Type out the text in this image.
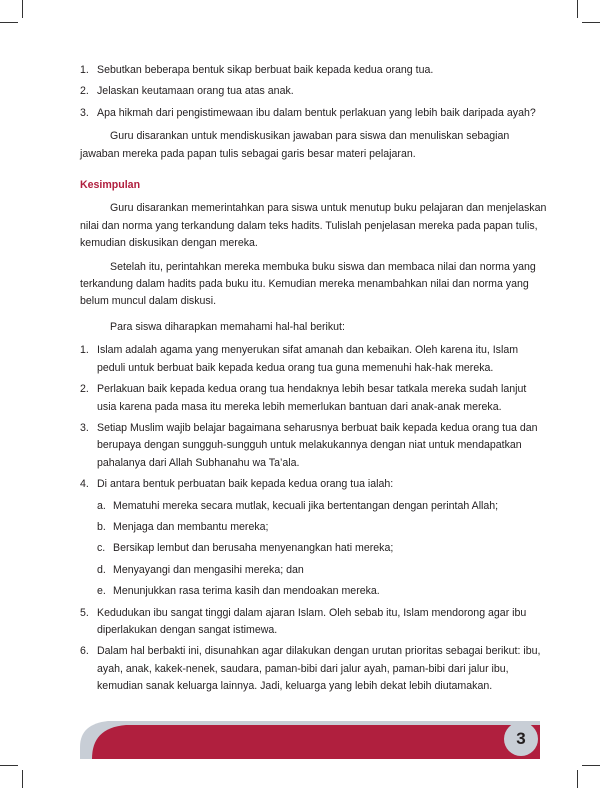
1. Sebutkan beberapa bentuk sikap berbuat baik kepada kedua orang tua.
2. Jelaskan keutamaan orang tua atas anak.
3. Apa hikmah dari pengistimewaan ibu dalam bentuk perlakuan yang lebih baik daripada ayah?

Guru disarankan untuk mendiskusikan jawaban para siswa dan menuliskan sebagian jawaban mereka pada papan tulis sebagai garis besar materi pelajaran.

Kesimpulan

Guru disarankan memerintahkan para siswa untuk menutup buku pelajaran dan menjelaskan nilai dan norma yang terkandung dalam teks hadits. Tulislah penjelasan mereka pada papan tulis, kemudian diskusikan dengan mereka.

Setelah itu, perintahkan mereka membuka buku siswa dan membaca nilai dan norma yang terkandung dalam hadits pada buku itu. Kemudian mereka menambahkan nilai dan norma yang belum muncul dalam diskusi.

Para siswa diharapkan memahami hal-hal berikut:

1. Islam adalah agama yang menyerukan sifat amanah dan kebaikan. Oleh karena itu, Islam peduli untuk berbuat baik kepada kedua orang tua guna memenuhi hak-hak mereka.
2. Perlakuan baik kepada kedua orang tua hendaknya lebih besar tatkala mereka sudah lanjut usia karena pada masa itu mereka lebih memerlukan bantuan dari anak-anak mereka.
3. Setiap Muslim wajib belajar bagaimana seharusnya berbuat baik kepada kedua orang tua dan berupaya dengan sungguh-sungguh untuk melakukannya dengan niat untuk mendapatkan pahalanya dari Allah Subhanahu wa Ta’ala.
4. Di antara bentuk perbuatan baik kepada kedua orang tua ialah:
a. Mematuhi mereka secara mutlak, kecuali jika bertentangan dengan perintah Allah;
b. Menjaga dan membantu mereka;
c. Bersikap lembut dan berusaha menyenangkan hati mereka;
d. Menyayangi dan mengasihi mereka; dan
e. Menunjukkan rasa terima kasih dan mendoakan mereka.
5. Kedudukan ibu sangat tinggi dalam ajaran Islam. Oleh sebab itu, Islam mendorong agar ibu diperlakukan dengan sangat istimewa.
6. Dalam hal berbakti ini, disunahkan agar dilakukan dengan urutan prioritas sebagai berikut: ibu, ayah, anak, kakek-nenek, saudara, paman-bibi dari jalur ayah, paman-bibi dari jalur ibu, kemudian sanak keluarga lainnya. Jadi, keluarga yang lebih dekat lebih diutamakan.
3
